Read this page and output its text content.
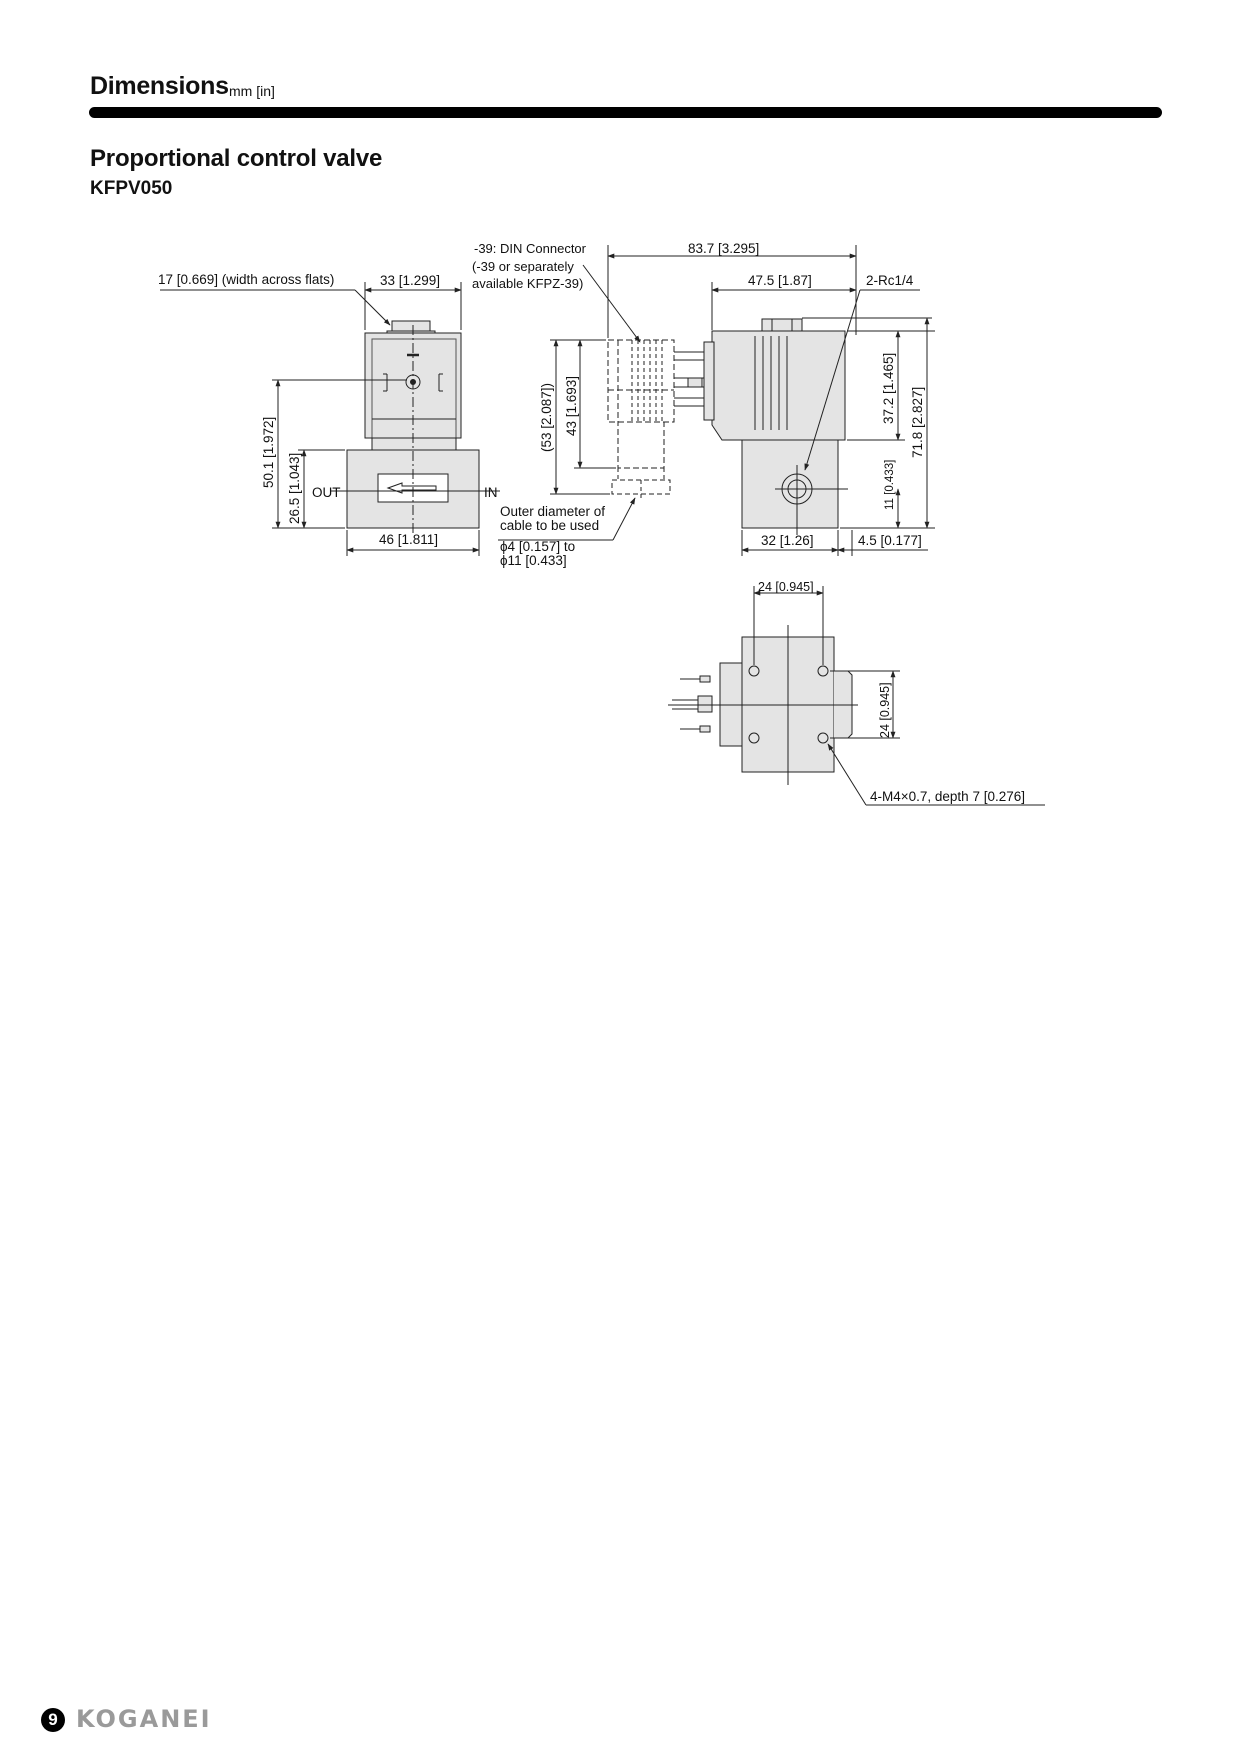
Dimensions mm [in]
Proportional control valve
KFPV050
17 [0.669] (width across flats)	33 [1.299]
46 [1.811]
OUT	IN
50.1 [1.972]
26.5 [1.043]
-39: DIN Connector
(-39 or separately
available KFPZ-39)
83.7 [3.295]
47.5 [1.87]	2-Rc1/4
(53 [2.087]) 43 [1.693]	37.2 [1.465] 71.8 [2.827]
11 [0.433]
32 [1.26]	4.5 [0.177]
Outer diameter of
cable to be used
ϕ4 [0.157] to
ϕ11 [0.433]
24 [0.945]
24 [0.945]
4-M4×0.7, depth 7 [0.276]
9 KOGANEI
